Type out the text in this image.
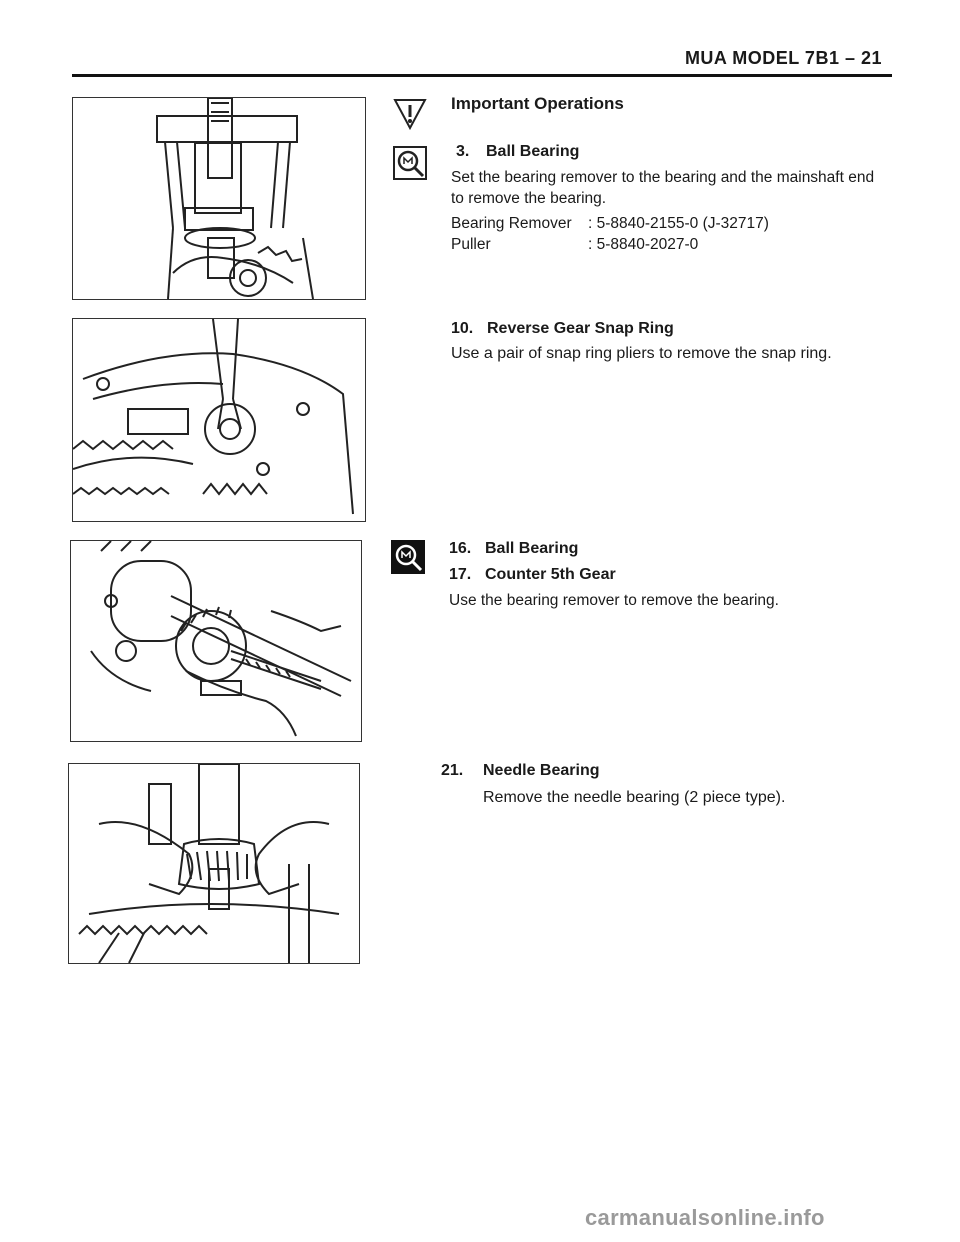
MUA MODEL 7B1 – 21
Important Operations
3. Ball Bearing
Set the bearing remover to the bearing and the mainshaft end
to remove the bearing.
Bearing Remover : 5-8840-2155-0 (J-32717)
Puller	: 5-8840-2027-0
10. Reverse Gear Snap Ring
Use a pair of snap ring pliers to remove the snap ring.
16. Ball Bearing
17. Counter 5th Gear
Use the bearing remover to remove the bearing.
21. Needle Bearing
Remove the needle bearing (2 piece type).
carmanualsonline.info
